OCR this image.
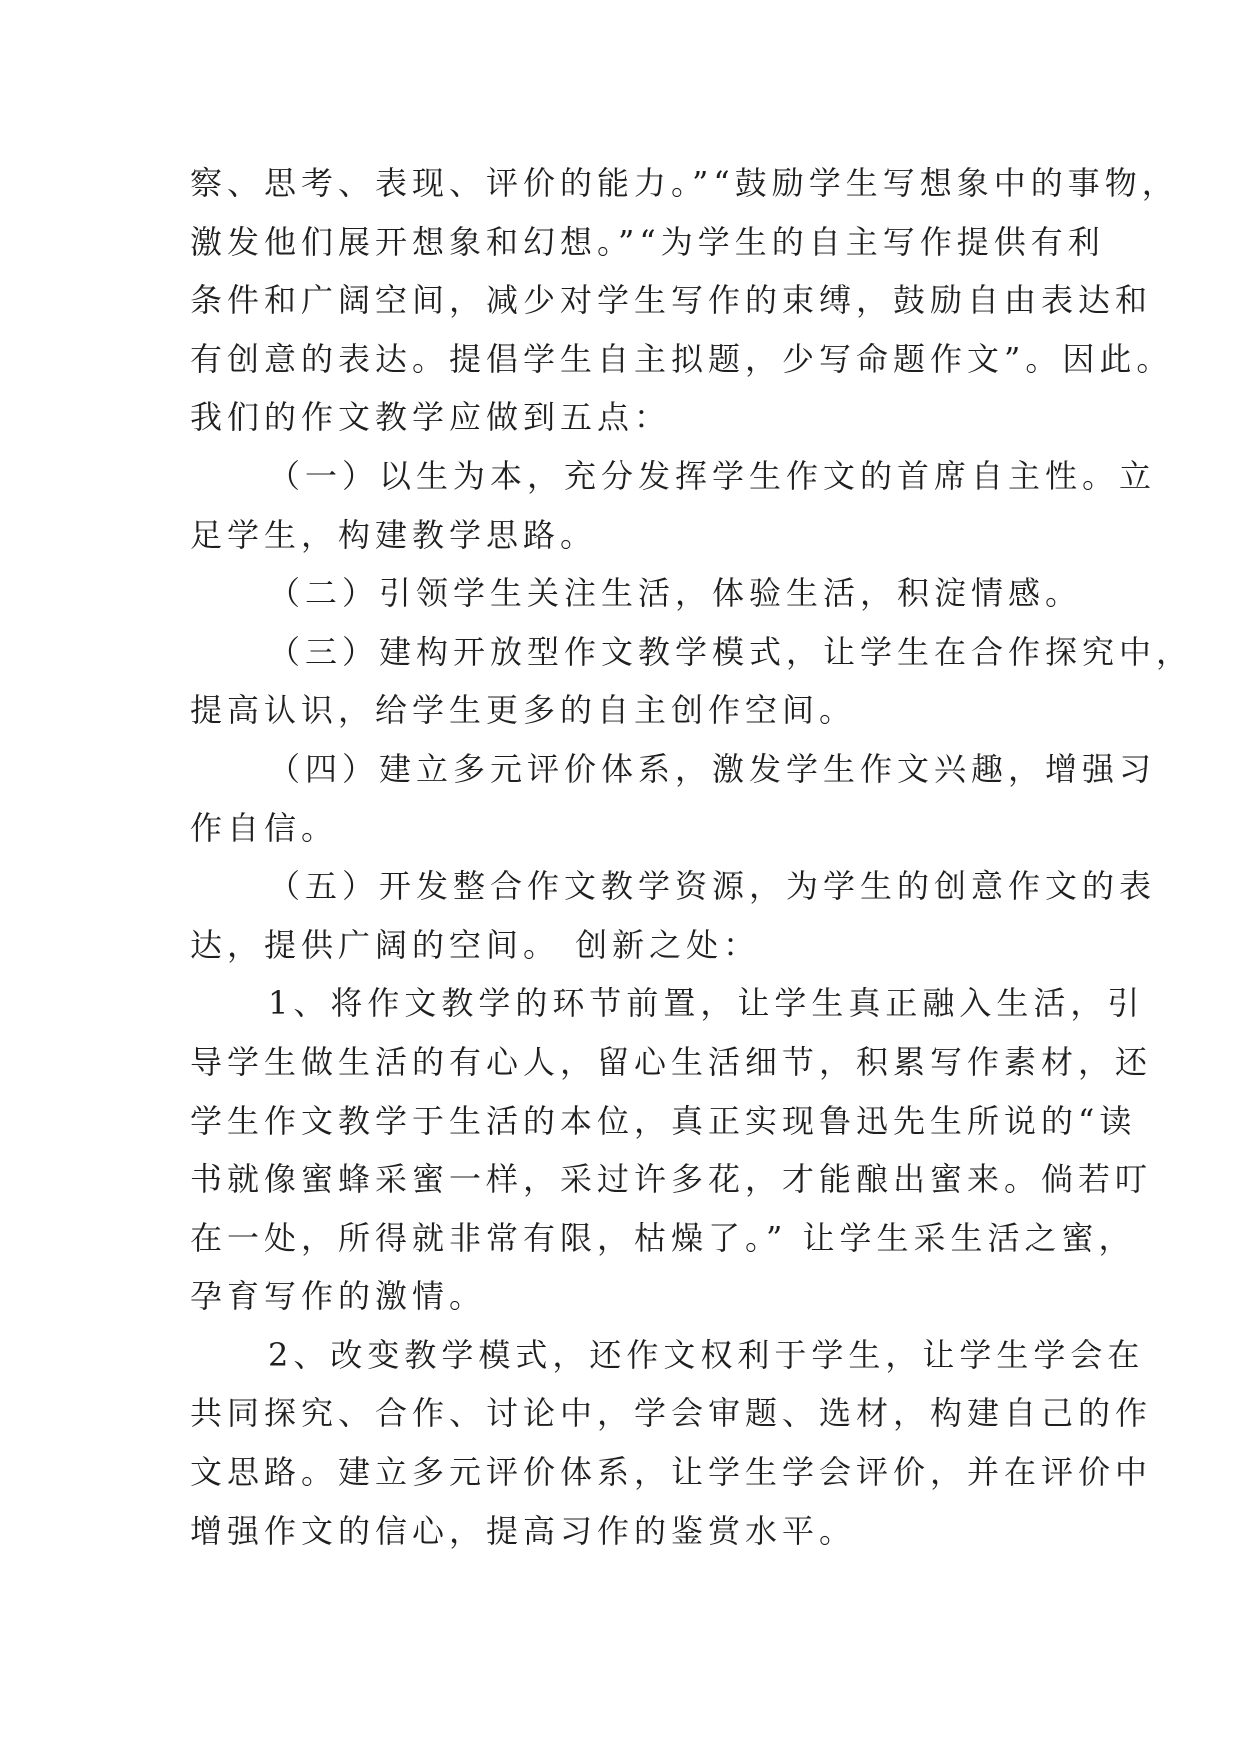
察、思考、表现、评价的能力。”“鼓励学生写想象中的事物，
激发他们展开想象和幻想。”“为学生的自主写作提供有利
条件和广阔空间，减少对学生写作的束缚，鼓励自由表达和
有创意的表达。提倡学生自主拟题，少写命题作文”。因此。
我们的作文教学应做到五点：
（一）以生为本，充分发挥学生作文的首席自主性。立
足学生，构建教学思路。
（二）引领学生关注生活，体验生活，积淀情感。
（三）建构开放型作文教学模式，让学生在合作探究中，
提高认识，给学生更多的自主创作空间。
（四）建立多元评价体系，激发学生作文兴趣，增强习
作自信。
（五）开发整合作文教学资源，为学生的创意作文的表
达，提供广阔的空间。 创新之处：
1、将作文教学的环节前置，让学生真正融入生活，引
导学生做生活的有心人，留心生活细节，积累写作素材，还
学生作文教学于生活的本位，真正实现鲁迅先生所说的“读
书就像蜜蜂采蜜一样，采过许多花，才能酿出蜜来。倘若叮
在一处，所得就非常有限，枯燥了。” 让学生采生活之蜜，
孕育写作的激情。
2、改变教学模式，还作文权利于学生，让学生学会在
共同探究、合作、讨论中，学会审题、选材，构建自己的作
文思路。建立多元评价体系，让学生学会评价，并在评价中
增强作文的信心，提高习作的鉴赏水平。
